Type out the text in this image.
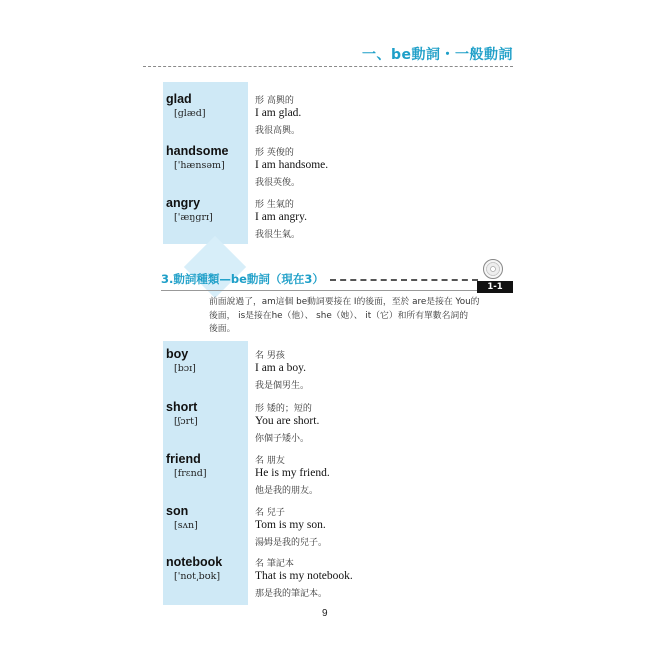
一、be動詞・一般動詞
3.動詞種類—be動詞（現在3）
1-1
前面說過了，am這個 be動詞要接在 I的後面，至於 are是接在 You的
後面， is是接在he（他）、 she（她）、 it（它）和所有單數名詞的
後面。
glad
[glæd]
形 高興的
I am glad.
我很高興。
handsome
['hænsəm]
形 英俊的
I am handsome.
我很英俊。
angry
['æŋgrɪ]
形 生氣的
I am angry.
我很生氣。
boy
[bɔɪ]
名 男孩
I am a boy.
我是個男生。
short
[ʃɔrt]
形 矮的；短的
You are short.
你個子矮小。
friend
[frɛnd]
名 朋友
He is my friend.
他是我的朋友。
son
[sʌn]
名 兒子
Tom is my son.
湯姆是我的兒子。
notebook
['not͵bʊk]
名 筆記本
That is my notebook.
那是我的筆記本。
9
